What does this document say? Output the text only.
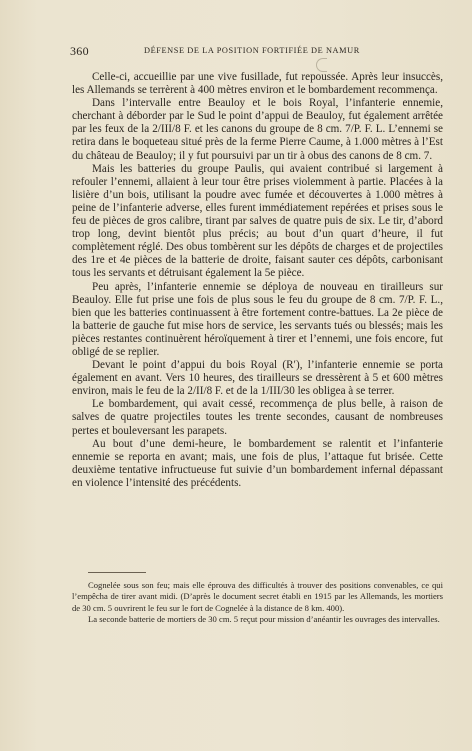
360	DÉFENSE DE LA POSITION FORTIFIÉE DE NAMUR

Celle-ci, accueillie par une vive fusillade, fut repoussée. Après leur insuccès, les Allemands se terrèrent à 400 mètres environ et le bombardement recommença.

Dans l’intervalle entre Beauloy et le bois Royal, l’infanterie ennemie, cherchant à déborder par le Sud le point d’appui de Beauloy, fut également arrêtée par les feux de la 2/III/8 F. et les canons du groupe de 8 cm. 7/P. F. L. L’ennemi se retira dans le boqueteau situé près de la ferme Pierre Caume, à 1.000 mètres à l’Est du château de Beauloy; il y fut poursuivi par un tir à obus des canons de 8 cm. 7.

Mais les batteries du groupe Paulis, qui avaient contribué si largement à refouler l’ennemi, allaient à leur tour être prises violemment à partie. Placées à la lisière d’un bois, utilisant la poudre avec fumée et découvertes à 1.000 mètres à peine de l’infanterie adverse, elles furent immédiatement repérées et prises sous le feu de pièces de gros calibre, tirant par salves de quatre puis de six. Le tir, d’abord trop long, devint bientôt plus précis; au bout d’un quart d’heure, il fut complètement réglé. Des obus tombèrent sur les dépôts de charges et de projectiles des 1re et 4e pièces de la batterie de droite, faisant sauter ces dépôts, carbonisant tous les servants et détruisant également la 5e pièce.

Peu après, l’infanterie ennemie se déploya de nouveau en tirailleurs sur Beauloy. Elle fut prise une fois de plus sous le feu du groupe de 8 cm. 7/P. F. L., bien que les batteries continuassent à être fortement contre-battues. La 2e pièce de la batterie de gauche fut mise hors de service, les servants tués ou blessés; mais les pièces restantes continuèrent héroïquement à tirer et l’ennemi, une fois encore, fut obligé de se replier.

Devant le point d’appui du bois Royal (R′), l’infanterie ennemie se porta également en avant. Vers 10 heures, des tirailleurs se dressèrent à 5 et 600 mètres environ, mais le feu de la 2/II/8 F. et de la 1/III/30 les obligea à se terrer.

Le bombardement, qui avait cessé, recommença de plus belle, à raison de salves de quatre projectiles toutes les trente secondes, causant de nombreuses pertes et bouleversant les parapets.

Au bout d’une demi-heure, le bombardement se ralentit et l’infanterie ennemie se reporta en avant; mais, une fois de plus, l’attaque fut brisée. Cette deuxième tentative infructueuse fut suivie d’un bombardement infernal dépassant en violence l’intensité des précédents.

Cognelée sous son feu; mais elle éprouva des difficultés à trouver des positions convenables, ce qui l’empêcha de tirer avant midi. (D’après le document secret établi en 1915 par les Allemands, les mortiers de 30 cm. 5 ouvrirent le feu sur le fort de Cognelée à la distance de 8 km. 400).

La seconde batterie de mortiers de 30 cm. 5 reçut pour mission d’anéantir les ouvrages des intervalles.
